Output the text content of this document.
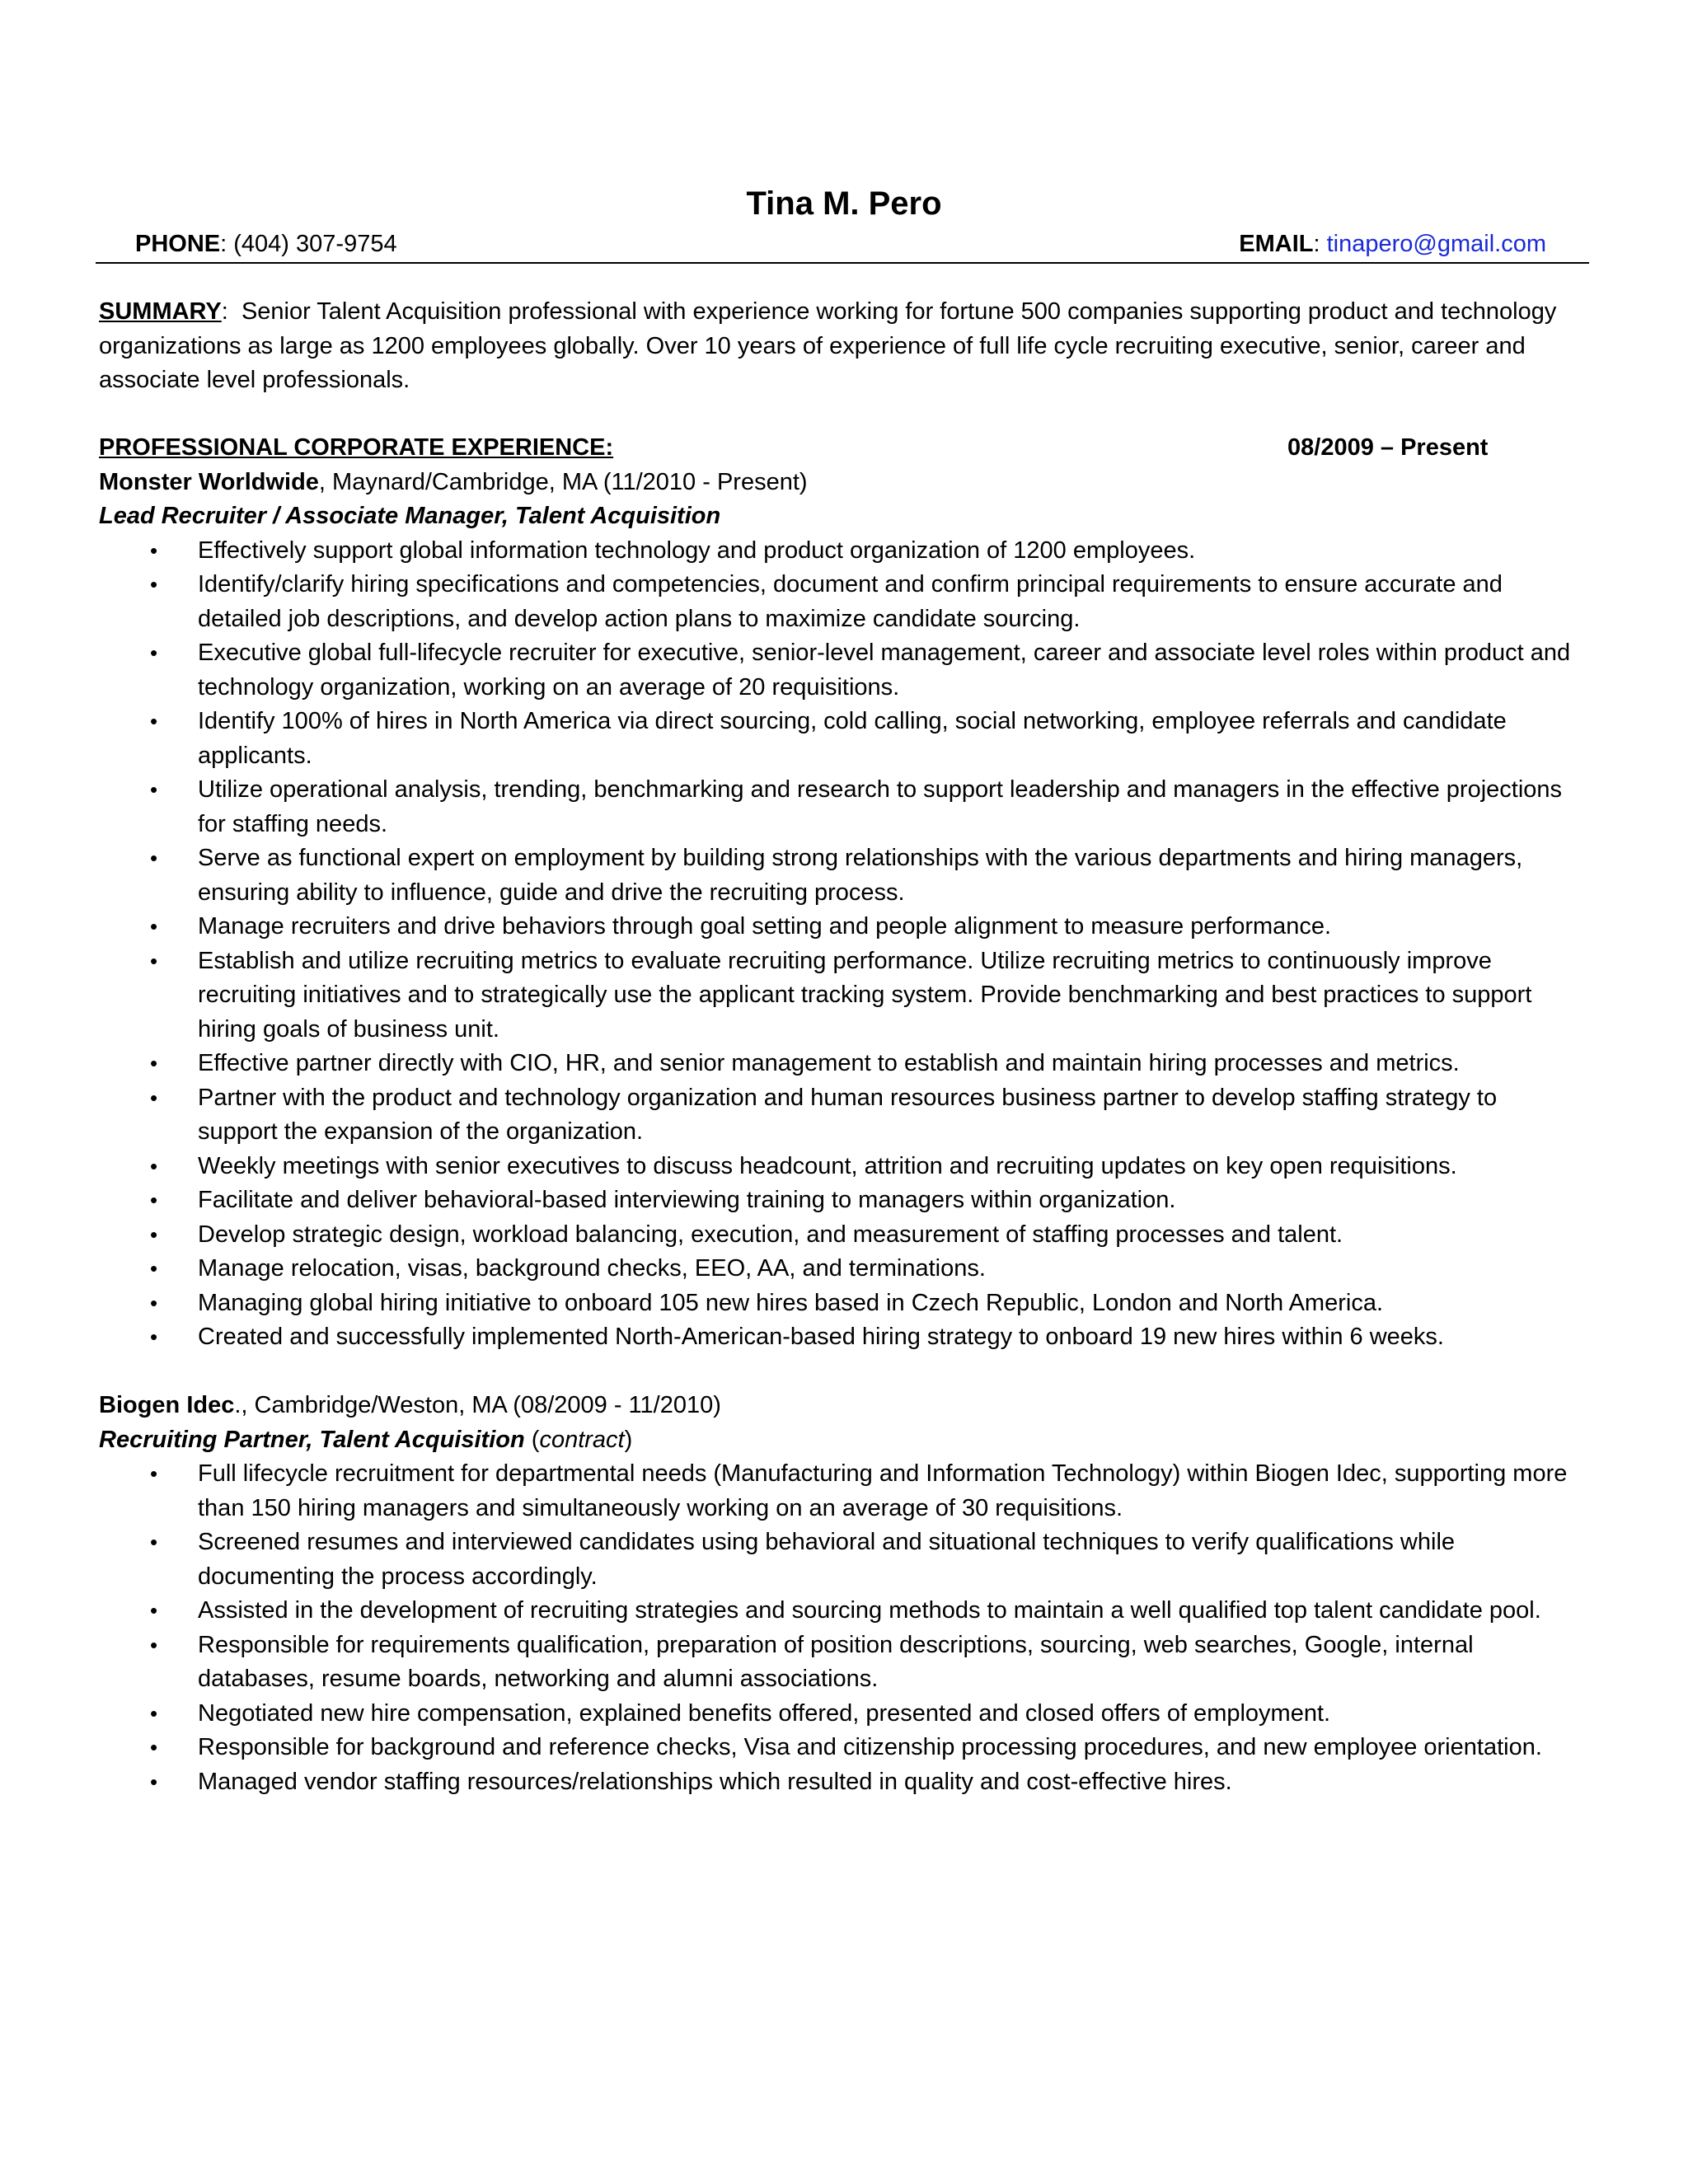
Tina M. Pero
PHONE: (404) 307-9754	EMAIL: tinapero@gmail.com
SUMMARY:  Senior Talent Acquisition professional with experience working for fortune 500 companies supporting product and technology organizations as large as 1200 employees globally. Over 10 years of experience of full life cycle recruiting executive, senior, career and associate level professionals.
PROFESSIONAL CORPORATE EXPERIENCE:	08/2009 – Present
Monster Worldwide, Maynard/Cambridge, MA (11/2010 - Present)
Lead Recruiter / Associate Manager, Talent Acquisition
• Effectively support global information technology and product organization of 1200 employees.
• Identify/clarify hiring specifications and competencies, document and confirm principal requirements to ensure accurate and detailed job descriptions, and develop action plans to maximize candidate sourcing.
• Executive global full-lifecycle recruiter for executive, senior-level management, career and associate level roles within product and technology organization, working on an average of 20 requisitions.
• Identify 100% of hires in North America via direct sourcing, cold calling, social networking, employee referrals and candidate applicants.
• Utilize operational analysis, trending, benchmarking and research to support leadership and managers in the effective projections for staffing needs.
• Serve as functional expert on employment by building strong relationships with the various departments and hiring managers, ensuring ability to influence, guide and drive the recruiting process.
• Manage recruiters and drive behaviors through goal setting and people alignment to measure performance.
• Establish and utilize recruiting metrics to evaluate recruiting performance. Utilize recruiting metrics to continuously improve recruiting initiatives and to strategically use the applicant tracking system. Provide benchmarking and best practices to support hiring goals of business unit.
• Effective partner directly with CIO, HR, and senior management to establish and maintain hiring processes and metrics.
• Partner with the product and technology organization and human resources business partner to develop staffing strategy to support the expansion of the organization.
• Weekly meetings with senior executives to discuss headcount, attrition and recruiting updates on key open requisitions.
• Facilitate and deliver behavioral-based interviewing training to managers within organization.
• Develop strategic design, workload balancing, execution, and measurement of staffing processes and talent.
• Manage relocation, visas, background checks, EEO, AA, and terminations.
• Managing global hiring initiative to onboard 105 new hires based in Czech Republic, London and North America.
• Created and successfully implemented North-American-based hiring strategy to onboard 19 new hires within 6 weeks.
Biogen Idec., Cambridge/Weston, MA (08/2009 - 11/2010)
Recruiting Partner, Talent Acquisition (contract)
• Full lifecycle recruitment for departmental needs (Manufacturing and Information Technology) within Biogen Idec, supporting more than 150 hiring managers and simultaneously working on an average of 30 requisitions.
• Screened resumes and interviewed candidates using behavioral and situational techniques to verify qualifications while documenting the process accordingly.
• Assisted in the development of recruiting strategies and sourcing methods to maintain a well qualified top talent candidate pool.
• Responsible for requirements qualification, preparation of position descriptions, sourcing, web searches, Google, internal databases, resume boards, networking and alumni associations.
• Negotiated new hire compensation, explained benefits offered, presented and closed offers of employment.
• Responsible for background and reference checks, Visa and citizenship processing procedures, and new employee orientation.
• Managed vendor staffing resources/relationships which resulted in quality and cost-effective hires.
